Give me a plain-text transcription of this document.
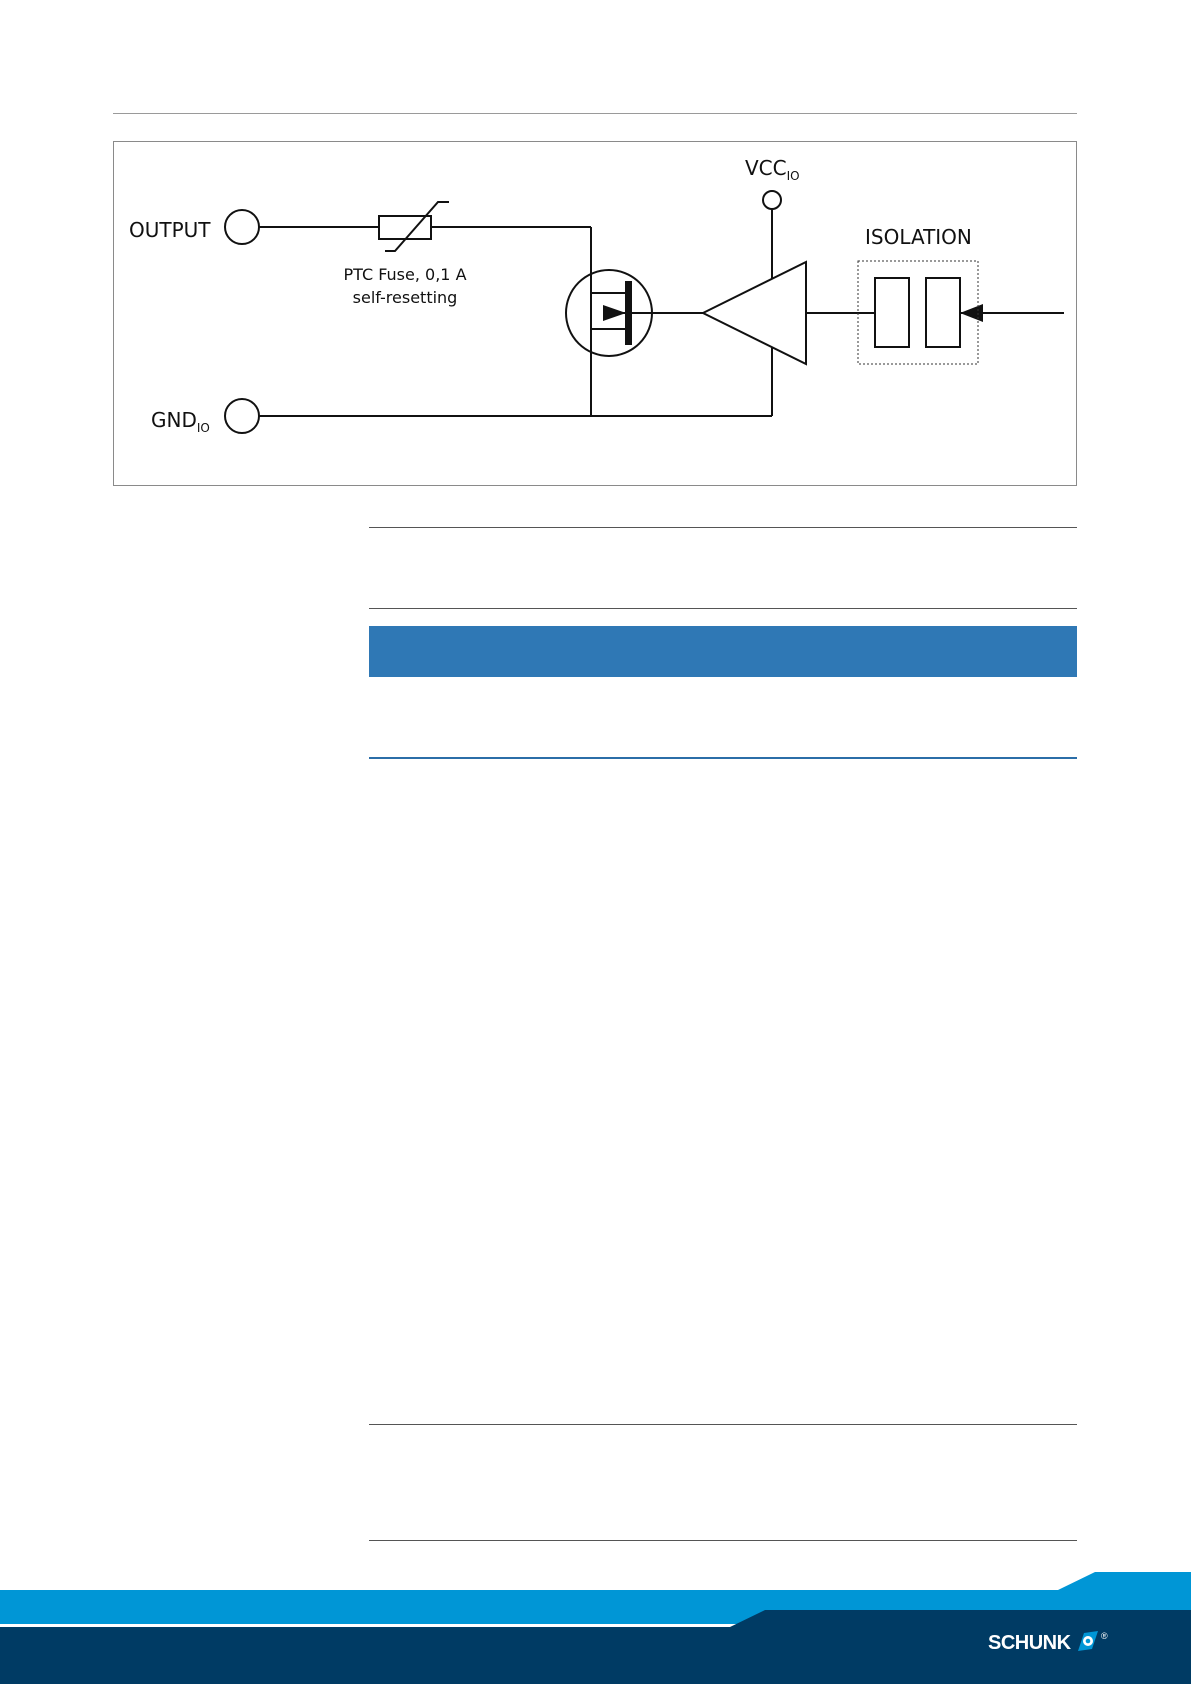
OUTPUT
$GND_{IO}$
$VCC_{IO}$
ISOLATION
PTC Fuse, 0,1 A
self-resetting
SCHUNK	®
